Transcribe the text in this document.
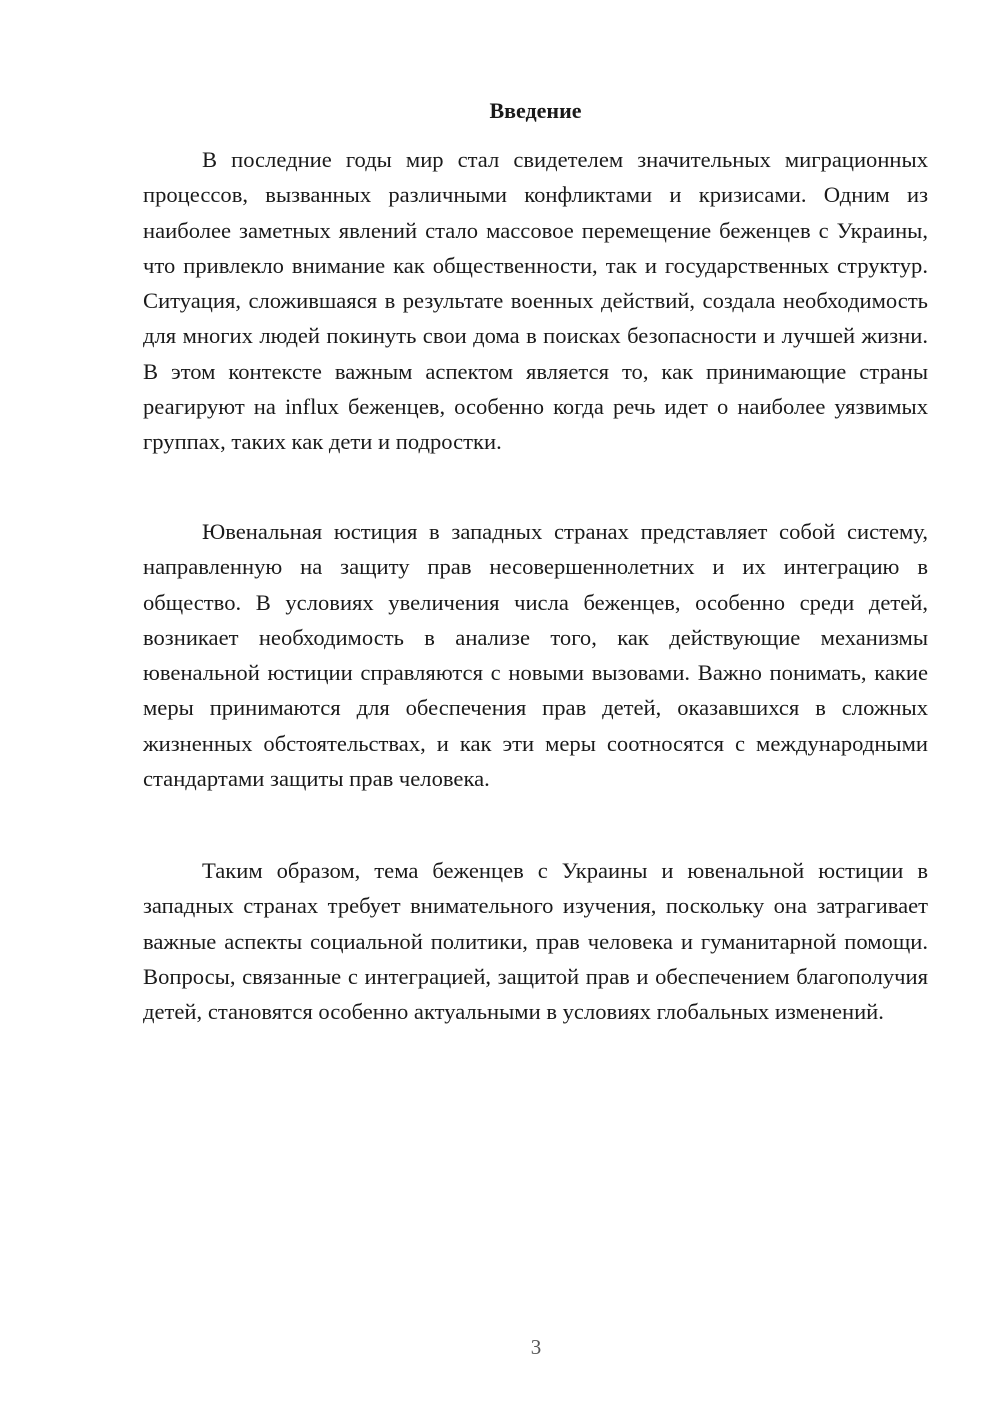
Введение

В последние годы мир стал свидетелем значительных миграционных процессов, вызванных различными конфликтами и кризисами. Одним из наиболее заметных явлений стало массовое перемещение беженцев с Украины, что привлекло внимание как общественности, так и государственных структур. Ситуация, сложившаяся в результате военных действий, создала необходимость для многих людей покинуть свои дома в поисках безопасности и лучшей жизни. В этом контексте важным аспектом является то, как принимающие страны реагируют на influx беженцев, особенно когда речь идет о наиболее уязвимых группах, таких как дети и подростки.

Ювенальная юстиция в западных странах представляет собой систему, направленную на защиту прав несовершеннолетних и их интеграцию в общество. В условиях увеличения числа беженцев, особенно среди детей, возникает необходимость в анализе того, как действующие механизмы ювенальной юстиции справляются с новыми вызовами. Важно понимать, какие меры принимаются для обеспечения прав детей, оказавшихся в сложных жизненных обстоятельствах, и как эти меры соотносятся с международными стандартами защиты прав человека.

Таким образом, тема беженцев с Украины и ювенальной юстиции в западных странах требует внимательного изучения, поскольку она затрагивает важные аспекты социальной политики, прав человека и гуманитарной помощи. Вопросы, связанные с интеграцией, защитой прав и обеспечением благополучия детей, становятся особенно актуальными в условиях глобальных изменений.

3
